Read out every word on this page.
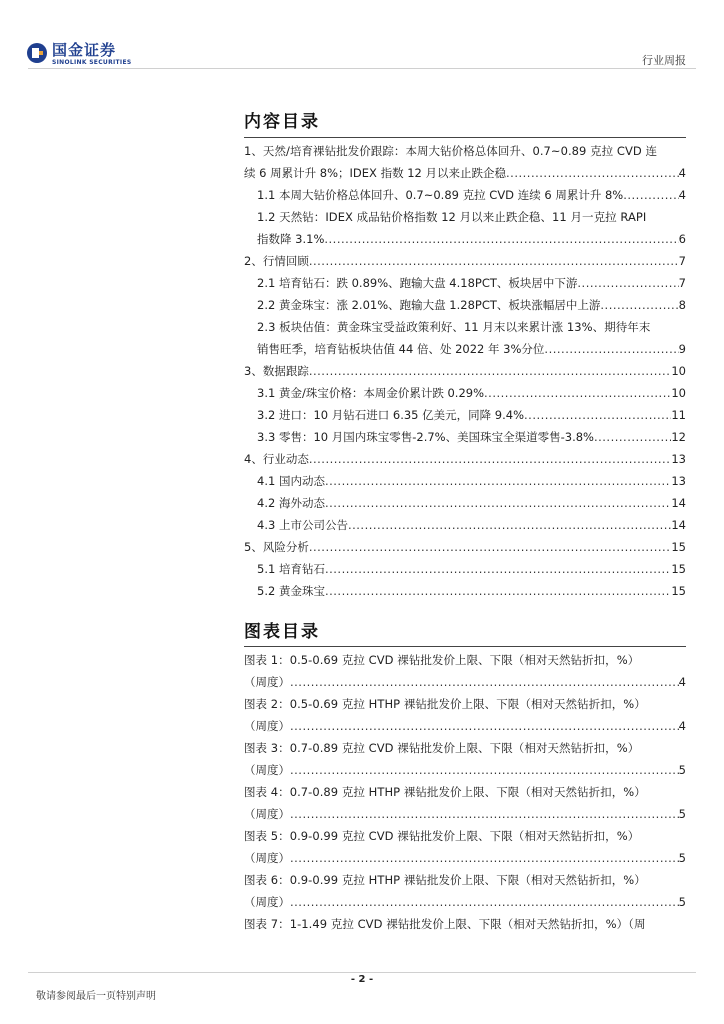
国金证券
SINOLINK SECURITIES	行业周报
内容目录
1、天然/培育裸钻批发价跟踪：本周大钻价格总体回升、0.7~0.89 克拉 CVD 连
续 6 周累计升 8%；IDEX 指数 12 月以来止跌企稳 .....	4
1.1 本周大钻价格总体回升、0.7~0.89 克拉 CVD 连续 6 周累计升 8% .....	4
1.2 天然钻：IDEX 成品钻价格指数 12 月以来止跌企稳、11 月一克拉 RAPI
指数降 3.1% .....	6
2、行情回顾 .....	7
2.1 培育钻石：跌 0.89%、跑输大盘 4.18PCT、板块居中下游 .....	7
2.2 黄金珠宝：涨 2.01%、跑输大盘 1.28PCT、板块涨幅居中上游 .....	8
2.3 板块估值：黄金珠宝受益政策利好、11 月末以来累计涨 13%、期待年末
销售旺季，培育钻板块估值 44 倍、处 2022 年 3%分位 .....	9
3、数据跟踪 .....	10
3.1 黄金/珠宝价格：本周金价累计跌 0.29% .....	10
3.2 进口：10 月钻石进口 6.35 亿美元，同降 9.4% .....	11
3.3 零售：10 月国内珠宝零售-2.7%、美国珠宝全渠道零售-3.8% .....	12
4、行业动态 .....	13
4.1 国内动态 .....	13
4.2 海外动态 .....	14
4.3 上市公司公告 .....	14
5、风险分析 .....	15
5.1 培育钻石 .....	15
5.2 黄金珠宝 .....	15
图表目录
图表 1：0.5-0.69 克拉 CVD 裸钻批发价上限、下限（相对天然钻折扣，%）
（周度） .....	4
图表 2：0.5-0.69 克拉 HTHP 裸钻批发价上限、下限（相对天然钻折扣，%）
（周度） .....	4
图表 3：0.7-0.89 克拉 CVD 裸钻批发价上限、下限（相对天然钻折扣，%）
（周度） .....	5
图表 4：0.7-0.89 克拉 HTHP 裸钻批发价上限、下限（相对天然钻折扣，%）
（周度） .....	5
图表 5：0.9-0.99 克拉 CVD 裸钻批发价上限、下限（相对天然钻折扣，%）
（周度） .....	5
图表 6：0.9-0.99 克拉 HTHP 裸钻批发价上限、下限（相对天然钻折扣，%）
（周度） .....	5
图表 7：1-1.49 克拉 CVD 裸钻批发价上限、下限（相对天然钻折扣，%）（周
- 2 -
敬请参阅最后一页特别声明
